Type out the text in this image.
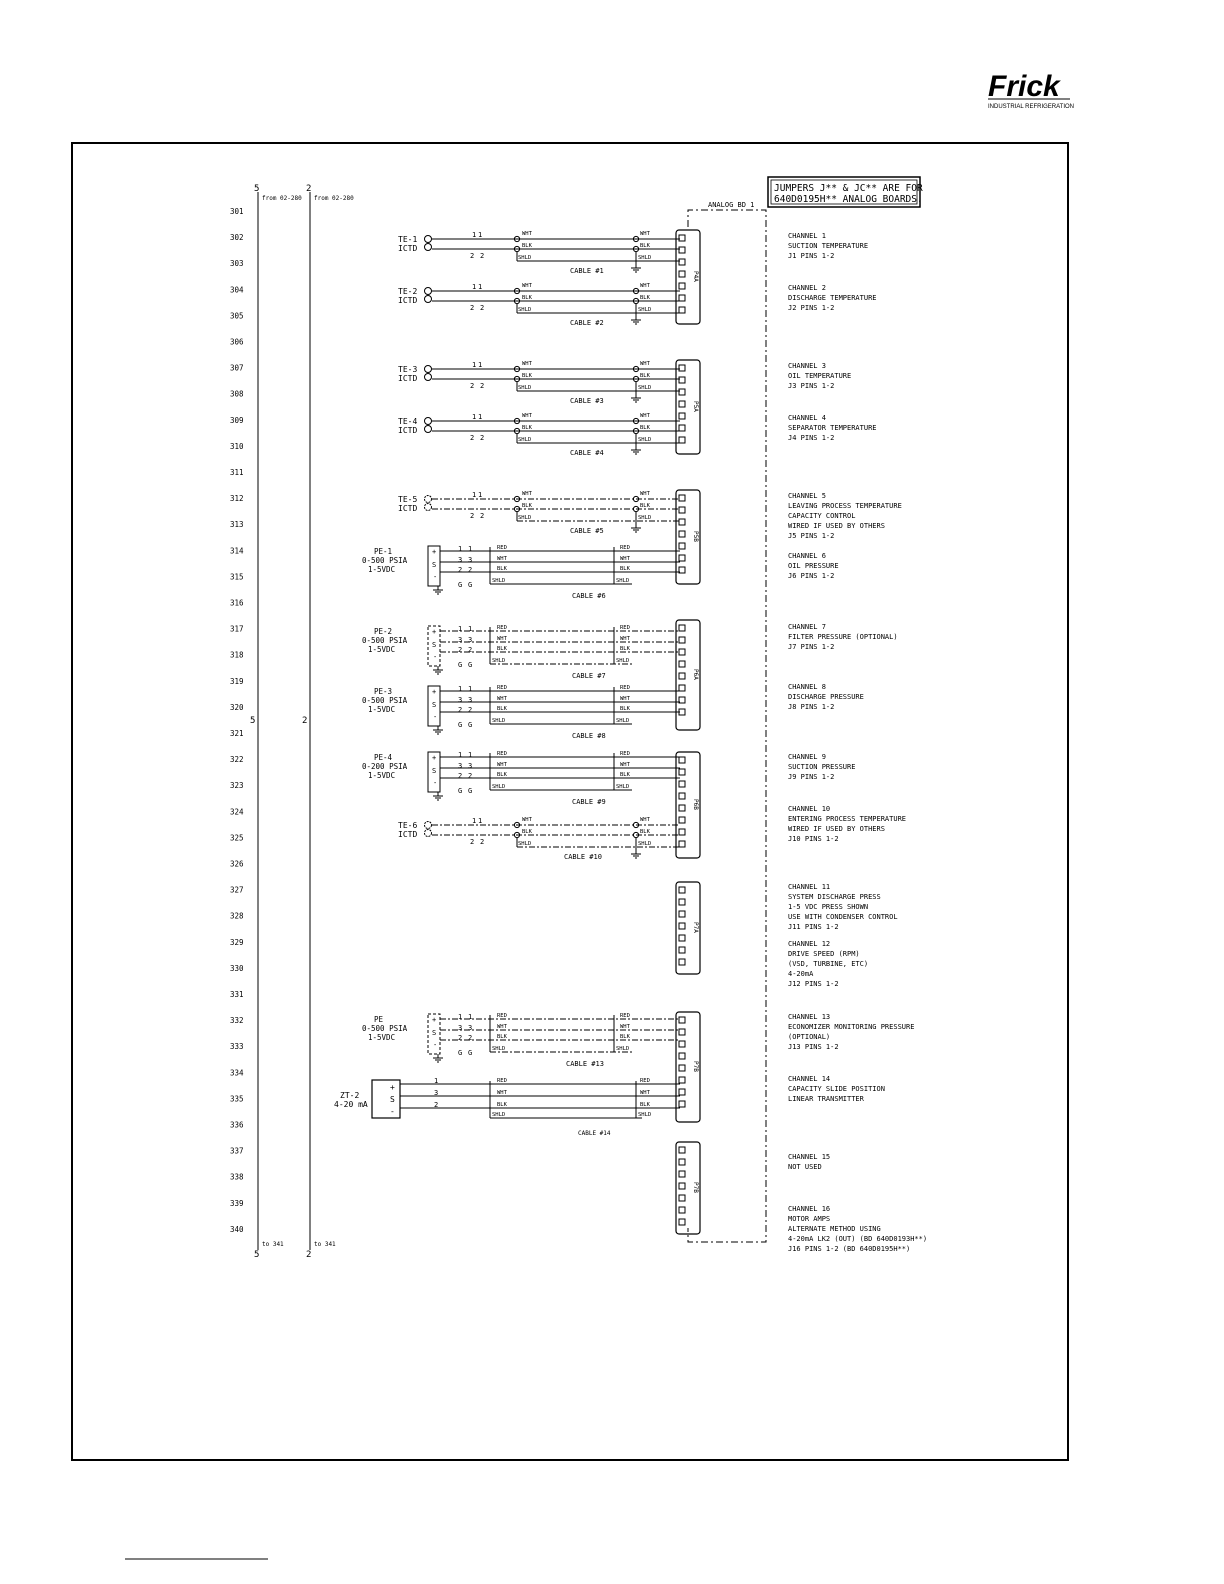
Frick
INDUSTRIAL REFRIGERATION
JUMPERS J** & JC** ARE FOR
640D0195H** ANALOG BOARDS.
ANALOG BD 1
5	2
from 02-280 from 02-280
5	2
to 341	to 341
5	2
301
302
303
304
305
306
307
308
309
310
311
312
313
314
315
316
317
318
319
320
321
322
323
324
325
326
327
328
329
330
331
332
333
334
335
336
337
338
339
340
TE-1
ICTD
1 1
2 2
WHT
BLK
SHLD
WHT
BLK
SHLD
CABLE #1
TE-2
ICTD
1 1
2 2
WHT
BLK
SHLD
WHT
BLK
SHLD
CABLE #2
TE-3
ICTD
1 1
2 2
WHT
BLK
SHLD
WHT
BLK
SHLD
CABLE #3
TE-4
ICTD
1 1
2 2
WHT
BLK
SHLD
WHT
BLK
SHLD
CABLE #4
TE-5
ICTD
1 1
2 2
WHT
BLK
SHLD
WHT
BLK
SHLD
CABLE #5
TE-6
ICTD
1 1
2 2
WHT
BLK
SHLD
WHT
BLK
SHLD
CABLE #10
PE-1
0-500 PSIA
1-5VDC
+
S
-
1 1
3 3
2 2
G G
RED
WHT
BLK
SHLD
RED
WHT
BLK
SHLD
CABLE #6
PE-2
0-500 PSIA
1-5VDC
+
S
-
1 1
3 3
2 2
G G
RED
WHT
BLK
SHLD
RED
WHT
BLK
SHLD
CABLE #7
PE-3
0-500 PSIA
1-5VDC
+
S
-
1 1
3 3
2 2
G G
RED
WHT
BLK
SHLD
RED
WHT
BLK
SHLD
CABLE #8
PE-4
0-200 PSIA
1-5VDC
+
S
-
1 1
3 3
2 2
G G
RED
WHT
BLK
SHLD
RED
WHT
BLK
SHLD
CABLE #9
PE
0-500 PSIA
1-5VDC
+
S
-
1 1
3 3
2 2
G G
RED
WHT
BLK
SHLD
RED
WHT
BLK
SHLD
CABLE #13
ZT-2
4-20 mA
+
S
-
1
3
2
RED
WHT
BLK
SHLD
RED
WHT
BLK
SHLD
CABLE #14
P4A
P5A
P5B
P6A
P6B
P7A
P7B
P7B
CHANNEL 1
SUCTION TEMPERATURE
J1 PINS 1-2
CHANNEL 2
DISCHARGE TEMPERATURE
J2 PINS 1-2
CHANNEL 3
OIL TEMPERATURE
J3 PINS 1-2
CHANNEL 4
SEPARATOR TEMPERATURE
J4 PINS 1-2
CHANNEL 5
LEAVING PROCESS TEMPERATURE
CAPACITY CONTROL
WIRED IF USED BY OTHERS
J5 PINS 1-2
CHANNEL 6
OIL PRESSURE
J6 PINS 1-2
CHANNEL 7
FILTER PRESSURE (OPTIONAL)
J7 PINS 1-2
CHANNEL 8
DISCHARGE PRESSURE
J8 PINS 1-2
CHANNEL 9
SUCTION PRESSURE
J9 PINS 1-2
CHANNEL 10
ENTERING PROCESS TEMPERATURE
WIRED IF USED BY OTHERS
J10 PINS 1-2
CHANNEL 11
SYSTEM DISCHARGE PRESS
1-5 VDC PRESS SHOWN
USE WITH CONDENSER CONTROL
J11 PINS 1-2
CHANNEL 12
DRIVE SPEED (RPM)
(VSD, TURBINE, ETC)
4-20mA
J12 PINS 1-2
CHANNEL 13
ECONOMIZER MONITORING PRESSURE
(OPTIONAL)
J13 PINS 1-2
CHANNEL 14
CAPACITY SLIDE POSITION
LINEAR TRANSMITTER
CHANNEL 15
NOT USED
CHANNEL 16
MOTOR AMPS
ALTERNATE METHOD USING
4-20mA LK2 (OUT) (BD 640D0193H**)
J16 PINS 1-2 (BD 640D0195H**)
